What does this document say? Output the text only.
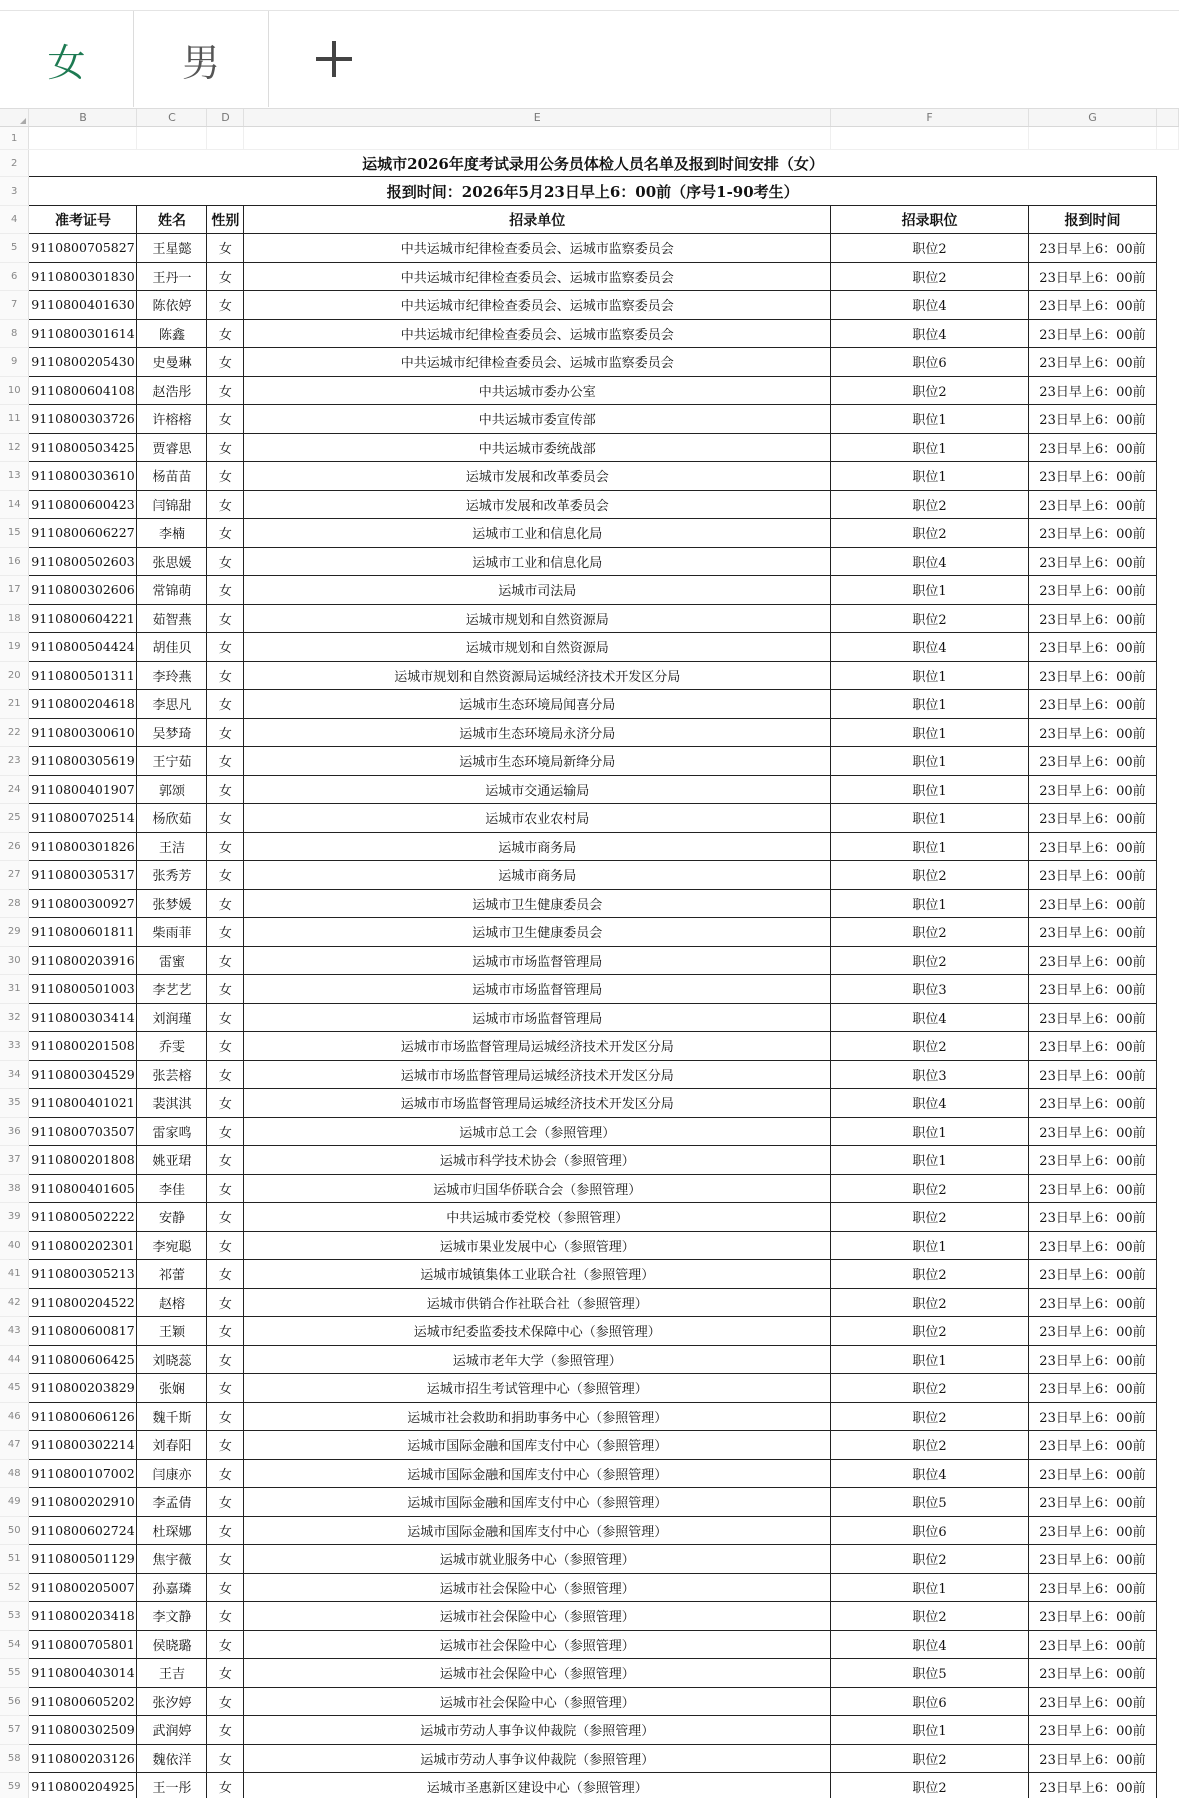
女	男
	B	C	D	E	F	G	
1							
2	运城市2026年度考试录用公务员体检人员名单及报到时间安排（女）						
3	报到时间：2026年5月23日早上6：00前（序号1-90考生）						
4	准考证号	姓名	性别	招录单位	招录职位	报到时间	
5	9110800705827	王星懿	女	中共运城市纪律检查委员会、运城市监察委员会	职位2	23日早上6：00前	
6	9110800301830	王丹一	女	中共运城市纪律检查委员会、运城市监察委员会	职位2	23日早上6：00前	
7	9110800401630	陈依婷	女	中共运城市纪律检查委员会、运城市监察委员会	职位4	23日早上6：00前	
8	9110800301614	陈鑫	女	中共运城市纪律检查委员会、运城市监察委员会	职位4	23日早上6：00前	
9	9110800205430	史曼琳	女	中共运城市纪律检查委员会、运城市监察委员会	职位6	23日早上6：00前	
10	9110800604108	赵浩彤	女	中共运城市委办公室	职位2	23日早上6：00前	
11	9110800303726	许榕榕	女	中共运城市委宣传部	职位1	23日早上6：00前	
12	9110800503425	贾睿思	女	中共运城市委统战部	职位1	23日早上6：00前	
13	9110800303610	杨苗苗	女	运城市发展和改革委员会	职位1	23日早上6：00前	
14	9110800600423	闫锦甜	女	运城市发展和改革委员会	职位2	23日早上6：00前	
15	9110800606227	李楠	女	运城市工业和信息化局	职位2	23日早上6：00前	
16	9110800502603	张思媛	女	运城市工业和信息化局	职位4	23日早上6：00前	
17	9110800302606	常锦萌	女	运城市司法局	职位1	23日早上6：00前	
18	9110800604221	茹智燕	女	运城市规划和自然资源局	职位2	23日早上6：00前	
19	9110800504424	胡佳贝	女	运城市规划和自然资源局	职位4	23日早上6：00前	
20	9110800501311	李玲燕	女	运城市规划和自然资源局运城经济技术开发区分局	职位1	23日早上6：00前	
21	9110800204618	李思凡	女	运城市生态环境局闻喜分局	职位1	23日早上6：00前	
22	9110800300610	吴梦琦	女	运城市生态环境局永济分局	职位1	23日早上6：00前	
23	9110800305619	王宁茹	女	运城市生态环境局新绛分局	职位1	23日早上6：00前	
24	9110800401907	郭颂	女	运城市交通运输局	职位1	23日早上6：00前	
25	9110800702514	杨欣茹	女	运城市农业农村局	职位1	23日早上6：00前	
26	9110800301826	王洁	女	运城市商务局	职位1	23日早上6：00前	
27	9110800305317	张秀芳	女	运城市商务局	职位2	23日早上6：00前	
28	9110800300927	张梦媛	女	运城市卫生健康委员会	职位1	23日早上6：00前	
29	9110800601811	柴雨菲	女	运城市卫生健康委员会	职位2	23日早上6：00前	
30	9110800203916	雷蜜	女	运城市市场监督管理局	职位2	23日早上6：00前	
31	9110800501003	李艺艺	女	运城市市场监督管理局	职位3	23日早上6：00前	
32	9110800303414	刘润瑾	女	运城市市场监督管理局	职位4	23日早上6：00前	
33	9110800201508	乔雯	女	运城市市场监督管理局运城经济技术开发区分局	职位2	23日早上6：00前	
34	9110800304529	张芸榕	女	运城市市场监督管理局运城经济技术开发区分局	职位3	23日早上6：00前	
35	9110800401021	裴淇淇	女	运城市市场监督管理局运城经济技术开发区分局	职位4	23日早上6：00前	
36	9110800703507	雷家鸣	女	运城市总工会（参照管理）	职位1	23日早上6：00前	
37	9110800201808	姚亚珺	女	运城市科学技术协会（参照管理）	职位1	23日早上6：00前	
38	9110800401605	李佳	女	运城市归国华侨联合会（参照管理）	职位2	23日早上6：00前	
39	9110800502222	安静	女	中共运城市委党校（参照管理）	职位2	23日早上6：00前	
40	9110800202301	李宛聪	女	运城市果业发展中心（参照管理）	职位1	23日早上6：00前	
41	9110800305213	祁蕾	女	运城市城镇集体工业联合社（参照管理）	职位2	23日早上6：00前	
42	9110800204522	赵榕	女	运城市供销合作社联合社（参照管理）	职位2	23日早上6：00前	
43	9110800600817	王颖	女	运城市纪委监委技术保障中心（参照管理）	职位2	23日早上6：00前	
44	9110800606425	刘晓蕊	女	运城市老年大学（参照管理）	职位1	23日早上6：00前	
45	9110800203829	张娴	女	运城市招生考试管理中心（参照管理）	职位2	23日早上6：00前	
46	9110800606126	魏千斯	女	运城市社会救助和捐助事务中心（参照管理）	职位2	23日早上6：00前	
47	9110800302214	刘春阳	女	运城市国际金融和国库支付中心（参照管理）	职位2	23日早上6：00前	
48	9110800107002	闫康亦	女	运城市国际金融和国库支付中心（参照管理）	职位4	23日早上6：00前	
49	9110800202910	李孟倩	女	运城市国际金融和国库支付中心（参照管理）	职位5	23日早上6：00前	
50	9110800602724	杜琛娜	女	运城市国际金融和国库支付中心（参照管理）	职位6	23日早上6：00前	
51	9110800501129	焦宇薇	女	运城市就业服务中心（参照管理）	职位2	23日早上6：00前	
52	9110800205007	孙嘉璘	女	运城市社会保险中心（参照管理）	职位1	23日早上6：00前	
53	9110800203418	李文静	女	运城市社会保险中心（参照管理）	职位2	23日早上6：00前	
54	9110800705801	侯晓璐	女	运城市社会保险中心（参照管理）	职位4	23日早上6：00前	
55	9110800403014	王吉	女	运城市社会保险中心（参照管理）	职位5	23日早上6：00前	
56	9110800605202	张汐婷	女	运城市社会保险中心（参照管理）	职位6	23日早上6：00前	
57	9110800302509	武润婷	女	运城市劳动人事争议仲裁院（参照管理）	职位1	23日早上6：00前	
58	9110800203126	魏依洋	女	运城市劳动人事争议仲裁院（参照管理）	职位2	23日早上6：00前	
59	9110800204925	王一彤	女	运城市圣惠新区建设中心（参照管理）	职位2	23日早上6：00前	
